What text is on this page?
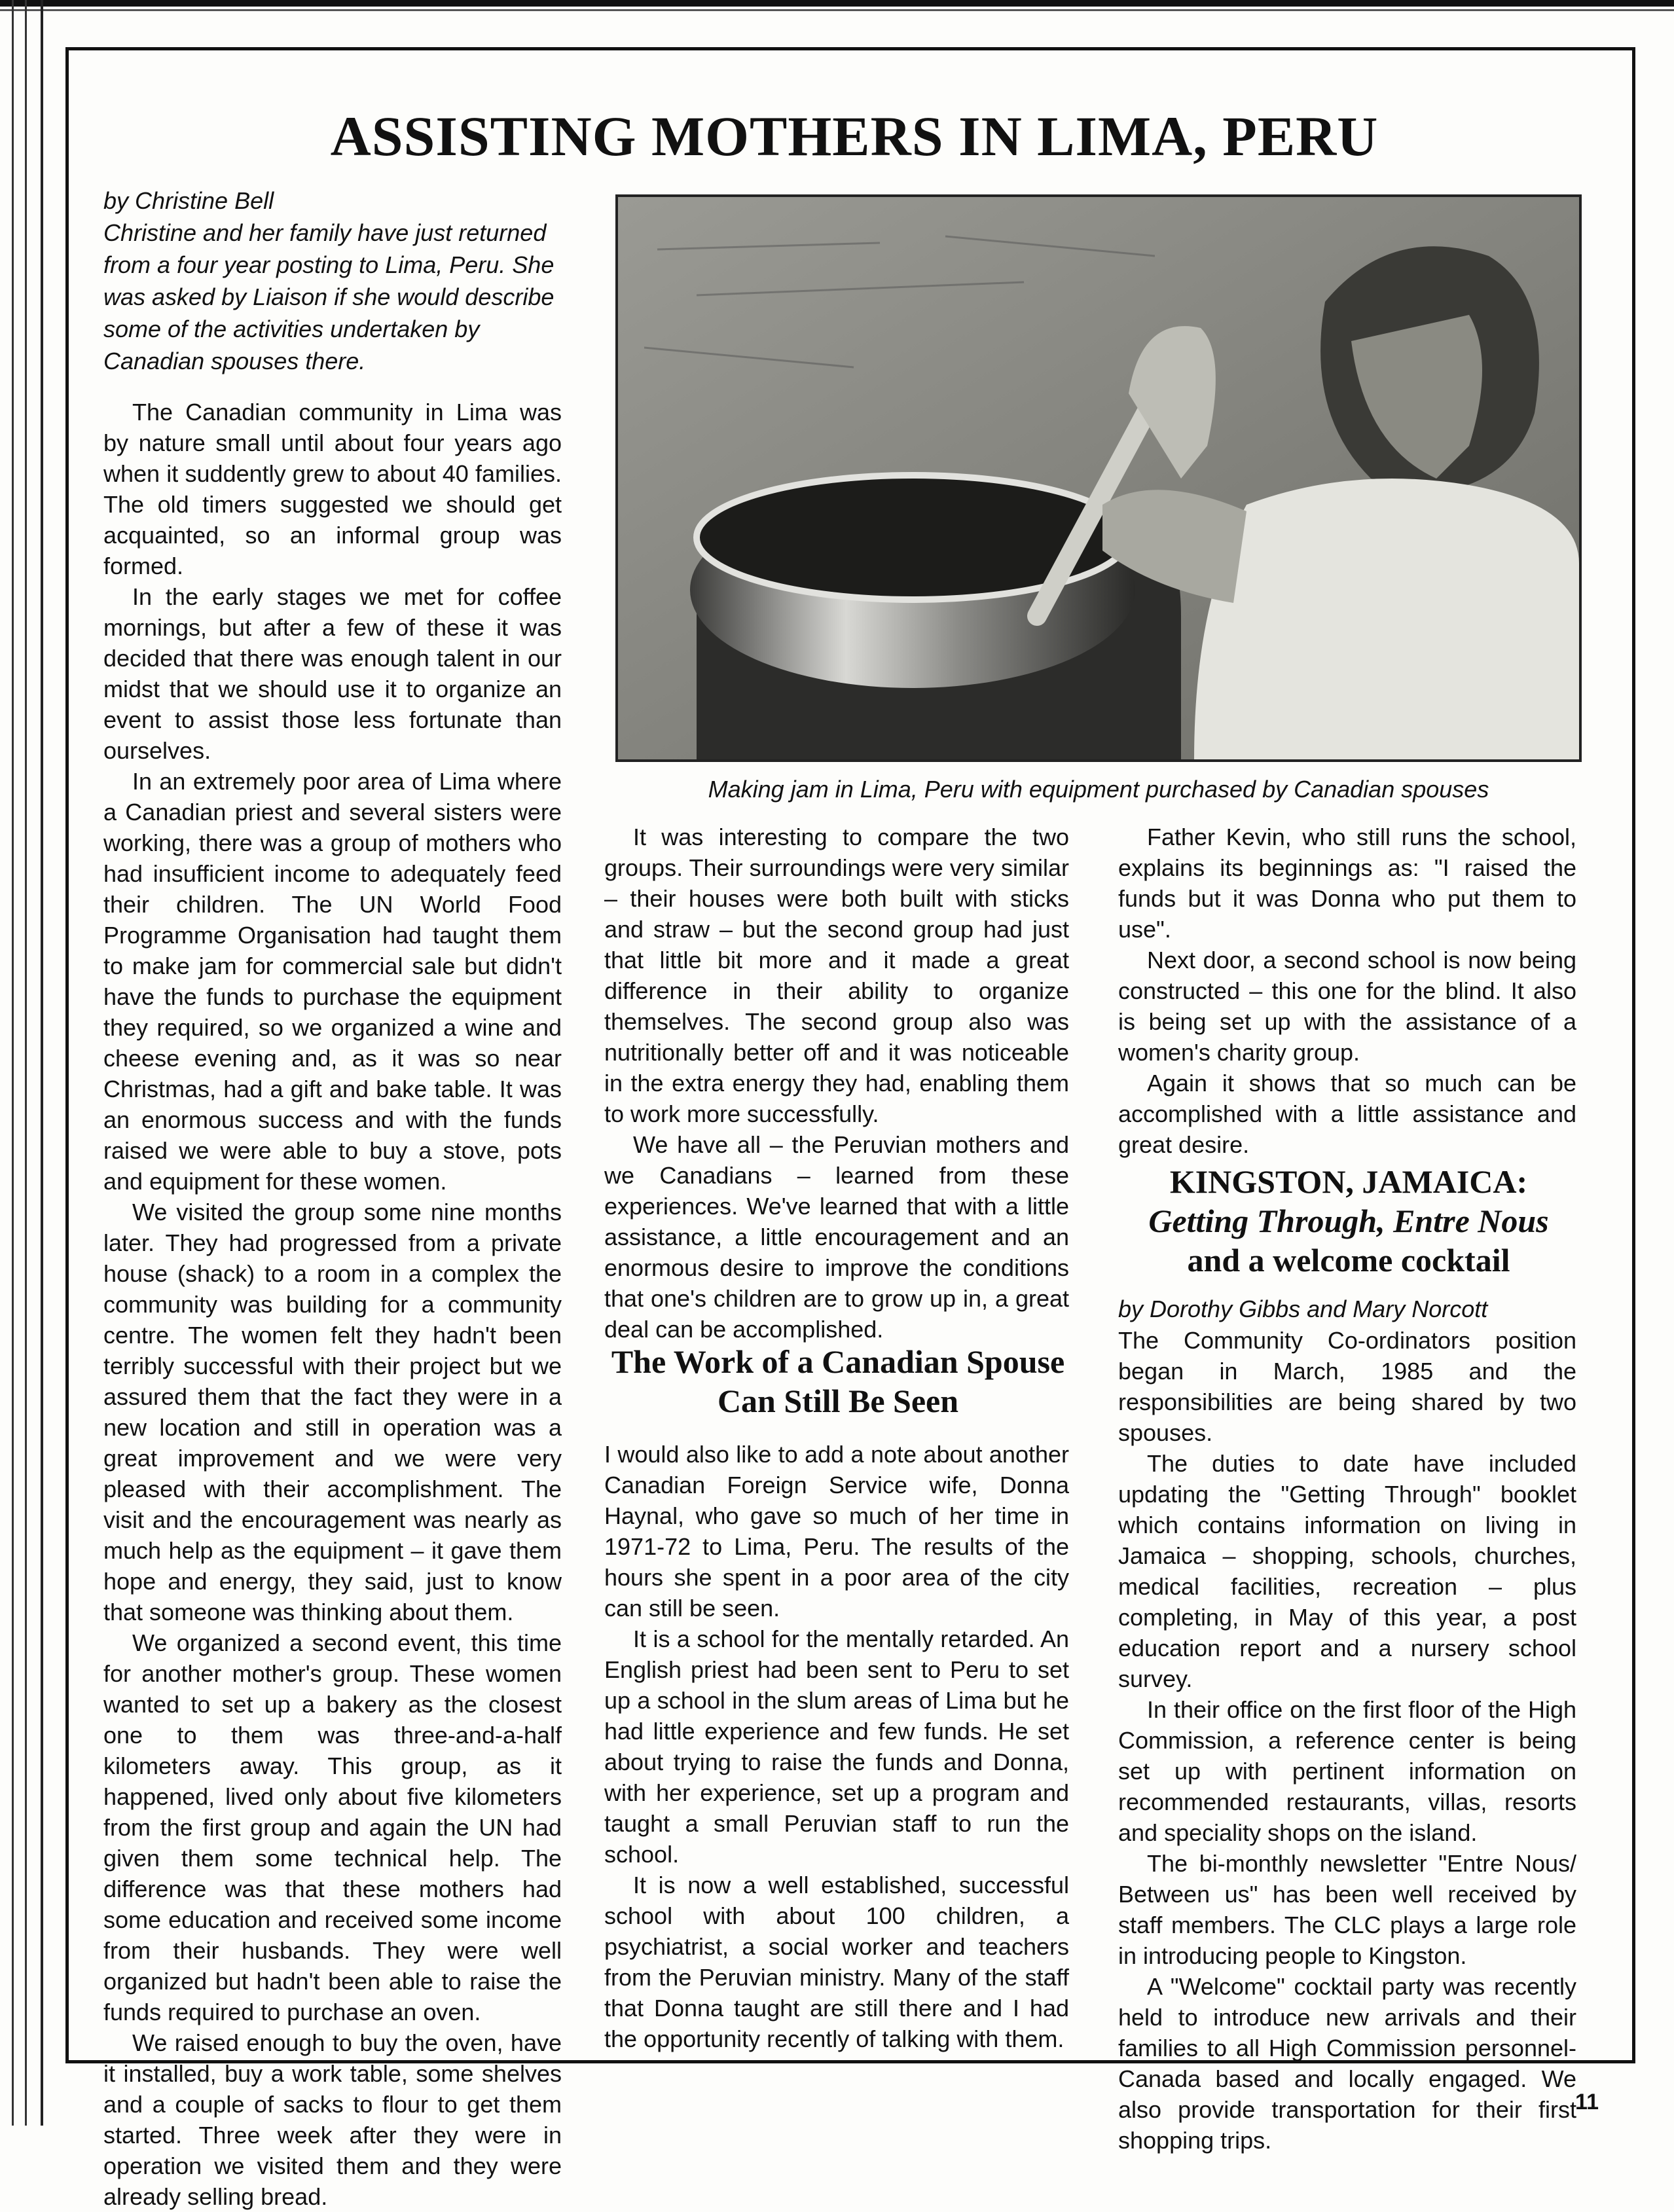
ASSISTING MOTHERS IN LIMA, PERU
by Christine Bell

Christine and her family have just returned from a four year posting to Lima, Peru. She was asked by Liaison if she would describe some of the activities undertaken by Canadian spouses there.

The Canadian community in Lima was by nature small until about four years ago when it suddently grew to about 40 families. The old timers suggested we should get acquainted, so an informal group was formed.

In the early stages we met for coffee mornings, but after a few of these it was decided that there was enough talent in our midst that we should use it to organize an event to assist those less fortunate than ourselves.

In an extremely poor area of Lima where a Canadian priest and several sisters were working, there was a group of mothers who had insufficient income to adequately feed their children. The UN World Food Programme Organisation had taught them to make jam for commercial sale but didn't have the funds to purchase the equipment they required, so we organized a wine and cheese evening and, as it was so near Christmas, had a gift and bake table. It was an enormous success and with the funds raised we were able to buy a stove, pots and equipment for these women.

We visited the group some nine months later. They had progressed from a private house (shack) to a room in a complex the community was building for a community centre. The women felt they hadn't been terribly successful with their project but we assured them that the fact they were in a new location and still in operation was a great improvement and we were very pleased with their accomplishment. The visit and the encouragement was nearly as much help as the equipment – it gave them hope and energy, they said, just to know that someone was thinking about them.

We organized a second event, this time for another mother's group. These women wanted to set up a bakery as the closest one to them was three-and-a-half kilometers away. This group, as it happened, lived only about five kilometers from the first group and again the UN had given them some technical help. The difference was that these mothers had some education and received some income from their husbands. They were well organized but hadn't been able to raise the funds required to purchase an oven.

We raised enough to buy the oven, have it installed, buy a work table, some shelves and a couple of sacks to flour to get them started. Three week after they were in operation we visited them and they were already selling bread.

Making jam in Lima, Peru with equipment purchased by Canadian spouses

It was interesting to compare the two groups. Their surroundings were very similar – their houses were both built with sticks and straw – but the second group had just that little bit more and it made a great difference in their ability to organize themselves. The second group also was nutritionally better off and it was noticeable in the extra energy they had, enabling them to work more successfully.

We have all – the Peruvian mothers and we Canadians – learned from these experiences. We've learned that with a little assistance, a little encouragement and an enormous desire to improve the conditions that one's children are to grow up in, a great deal can be accomplished.

The Work of a Canadian Spouse
Can Still Be Seen

I would also like to add a note about another Canadian Foreign Service wife, Donna Haynal, who gave so much of her time in 1971-72 to Lima, Peru. The results of the hours she spent in a poor area of the city can still be seen.

It is a school for the mentally retarded. An English priest had been sent to Peru to set up a school in the slum areas of Lima but he had little experience and few funds. He set about trying to raise the funds and Donna, with her experience, set up a program and taught a small Peruvian staff to run the school.

It is now a well established, successful school with about 100 children, a psychiatrist, a social worker and teachers from the Peruvian ministry. Many of the staff that Donna taught are still there and I had the opportunity recently of talking with them.

Father Kevin, who still runs the school, explains its beginnings as: "I raised the funds but it was Donna who put them to use".

Next door, a second school is now being constructed – this one for the blind. It also is being set up with the assistance of a women's charity group.

Again it shows that so much can be accomplished with a little assistance and great desire.

KINGSTON, JAMAICA:
Getting Through, Entre Nous
and a welcome cocktail
by Dorothy Gibbs and Mary Norcott

The Community Co-ordinators position began in March, 1985 and the responsibilities are being shared by two spouses.

The duties to date have included updating the "Getting Through" booklet which contains information on living in Jamaica – shopping, schools, churches, medical facilities, recreation – plus completing, in May of this year, a post education report and a nursery school survey.

In their office on the first floor of the High Commission, a reference center is being set up with pertinent information on recommended restaurants, villas, resorts and speciality shops on the island.

The bi-monthly newsletter "Entre Nous/ Between us" has been well received by staff members. The CLC plays a large role in introducing people to Kingston.

A "Welcome" cocktail party was recently held to introduce new arrivals and their families to all High Commission personnel-Canada based and locally engaged. We also provide transportation for their first shopping trips.

11
